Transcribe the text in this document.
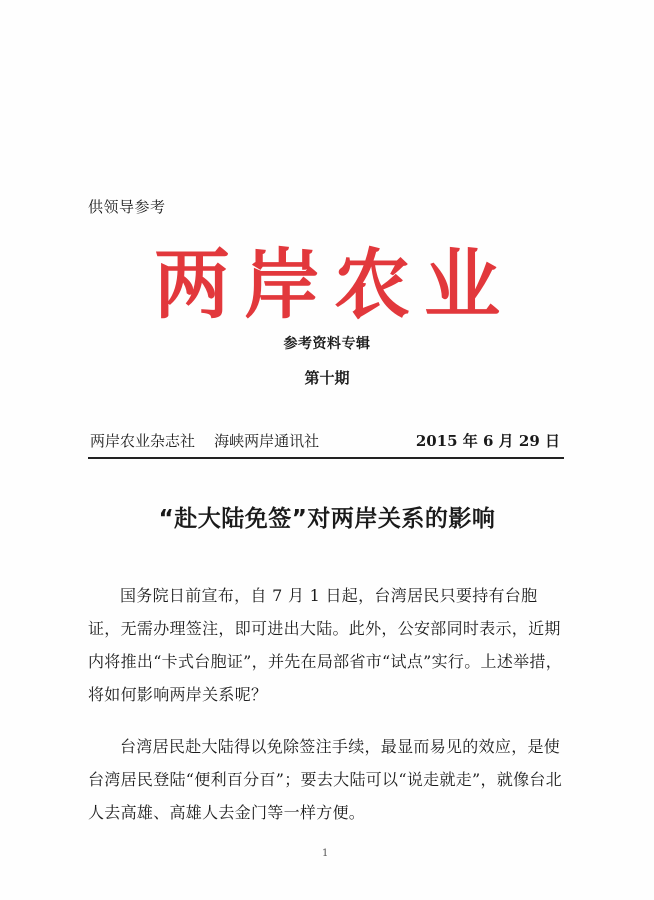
供领导参考
两岸农业
参考资料专辑
第十期
两岸农业杂志社    海峡两岸通讯社	2015 年 6 月 29 日
“赴大陆免签”对两岸关系的影响
国务院日前宣布，自 7 月 1 日起，台湾居民只要持有台胞证，无需办理签注，即可进出大陆。此外，公安部同时表示，近期内将推出“卡式台胞证”，并先在局部省市“试点”实行。上述举措，将如何影响两岸关系呢？
台湾居民赴大陆得以免除签注手续，最显而易见的效应，是使台湾居民登陆“便利百分百”；要去大陆可以“说走就走”，就像台北人去高雄、高雄人去金门等一样方便。
1
